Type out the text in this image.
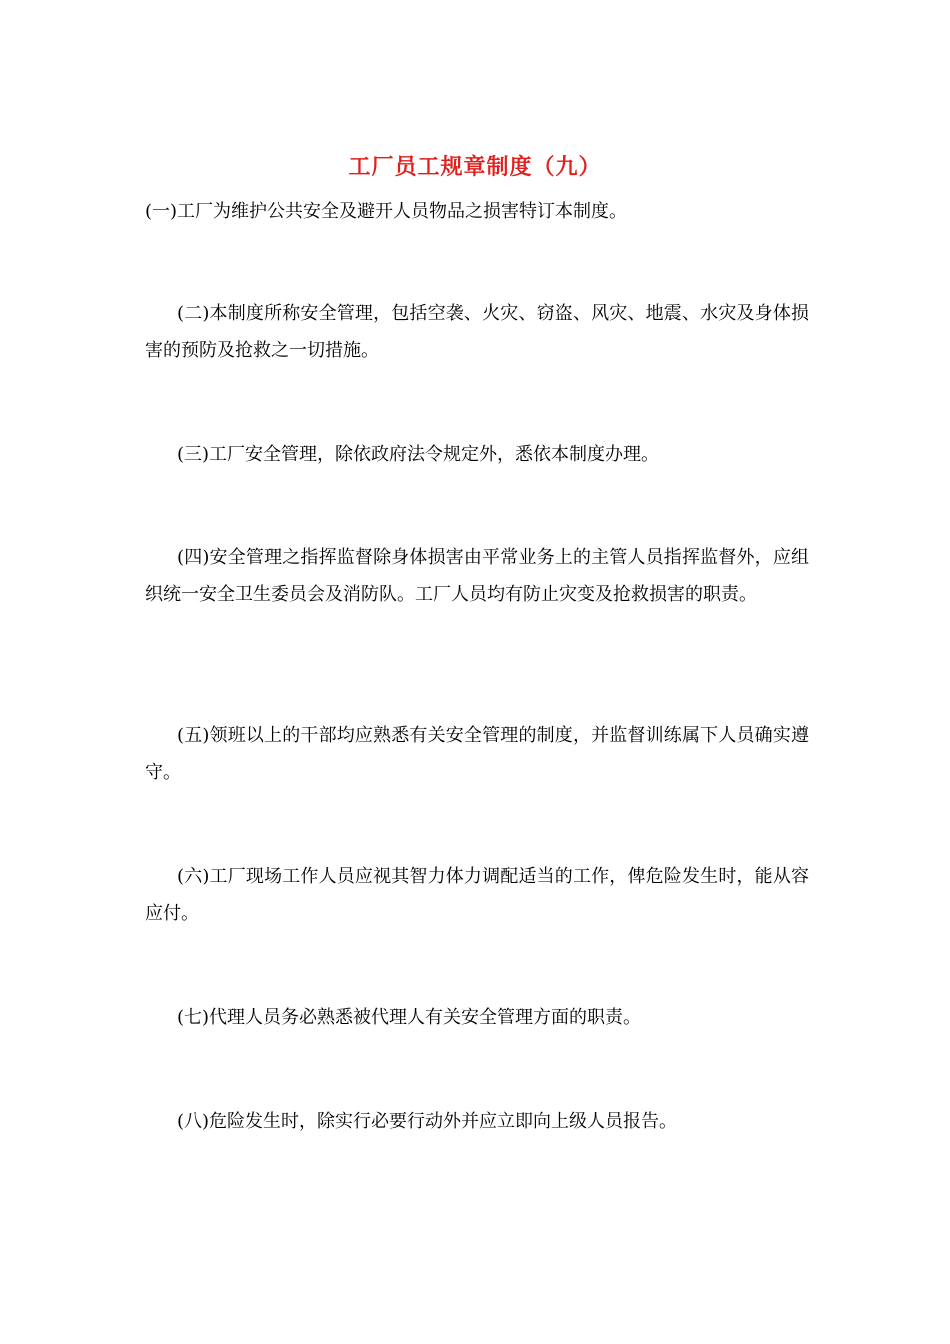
工厂员工规章制度（九）

(一)工厂为维护公共安全及避开人员物品之损害特订本制度。

(二)本制度所称安全管理，包括空袭、火灾、窃盗、风灾、地震、水灾及身体损害的预防及抢救之一切措施。

(三)工厂安全管理，除依政府法令规定外，悉依本制度办理。

(四)安全管理之指挥监督除身体损害由平常业务上的主管人员指挥监督外，应组织统一安全卫生委员会及消防队。工厂人员均有防止灾变及抢救损害的职责。

(五)领班以上的干部均应熟悉有关安全管理的制度，并监督训练属下人员确实遵守。

(六)工厂现场工作人员应视其智力体力调配适当的工作，俾危险发生时，能从容应付。

(七)代理人员务必熟悉被代理人有关安全管理方面的职责。

(八)危险发生时，除实行必要行动外并应立即向上级人员报告。
